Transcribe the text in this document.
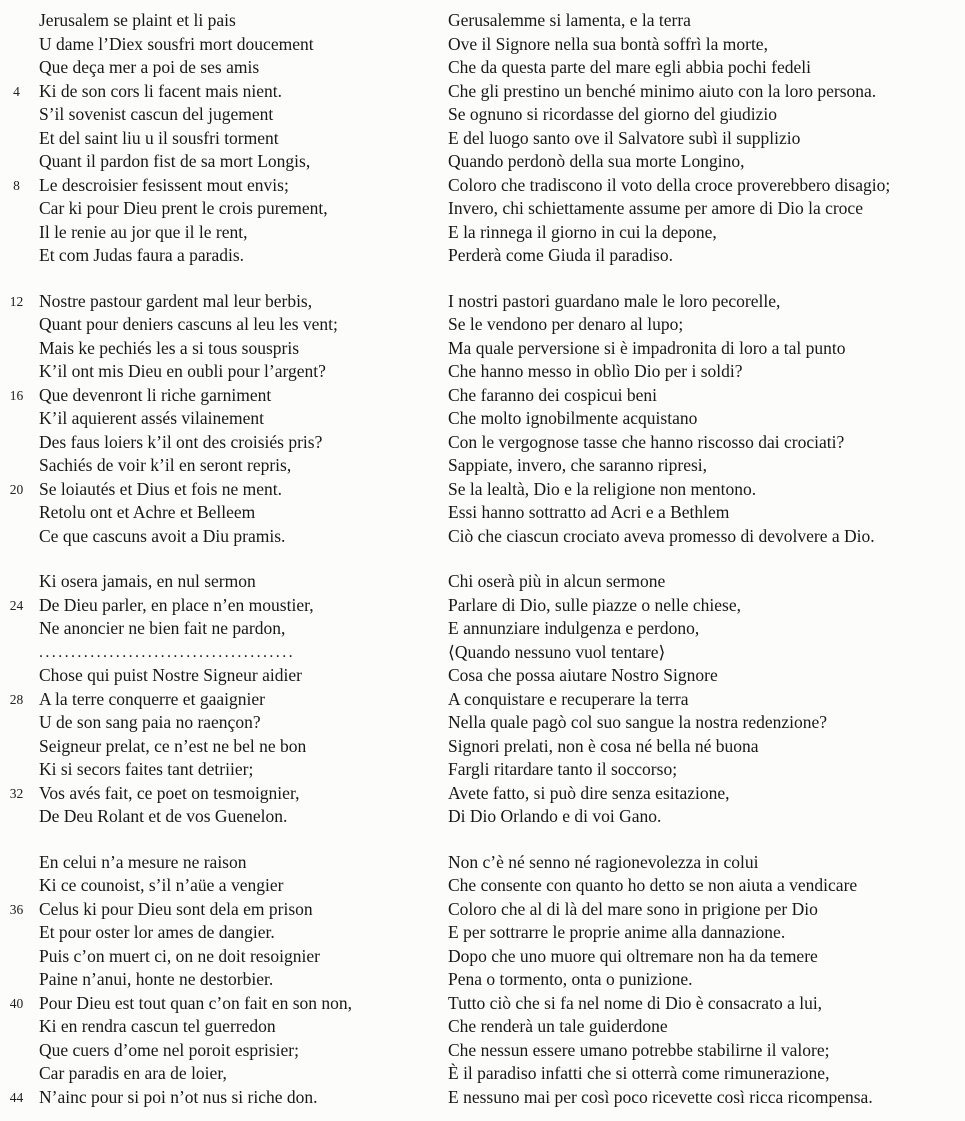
Jerusalem se plaint et li pais	Gerusalemme si lamenta, e la terra
U dame l’Diex sousfri mort doucement	Ove il Signore nella sua bontà soffrì la morte,
Que deça mer a poi de ses amis	Che da questa parte del mare egli abbia pochi fedeli
4	Ki de son cors li facent mais nient.	Che gli prestino un benché minimo aiuto con la loro persona.
S’il sovenist cascun del jugement	Se ognuno si ricordasse del giorno del giudizio
Et del saint liu u il sousfri torment	E del luogo santo ove il Salvatore subì il supplizio
Quant il pardon fist de sa mort Longis,	Quando perdonò della sua morte Longino,
8	Le descroisier fesissent mout envis;	Coloro che tradiscono il voto della croce proverebbero disagio;
Car ki pour Dieu prent le crois purement,	Invero, chi schiettamente assume per amore di Dio la croce
Il le renie au jor que il le rent,	E la rinnega il giorno in cui la depone,
Et com Judas faura a paradis.	Perderà come Giuda il paradiso.
12 Nostre pastour gardent mal leur berbis,	I nostri pastori guardano male le loro pecorelle,
Quant pour deniers cascuns al leu les vent;	Se le vendono per denaro al lupo;
Mais ke pechiés les a si tous souspris	Ma quale perversione si è impadronita di loro a tal punto
K’il ont mis Dieu en oubli pour l’argent?	Che hanno messo in oblìo Dio per i soldi?
16 Que devenront li riche garniment	Che faranno dei cospicui beni
K’il aquierent assés vilainement	Che molto ignobilmente acquistano
Des faus loiers k’il ont des croisiés pris?	Con le vergognose tasse che hanno riscosso dai crociati?
Sachiés de voir k’il en seront repris,	Sappiate, invero, che saranno ripresi,
20 Se loiautés et Dius et fois ne ment.	Se la lealtà, Dio e la religione non mentono.
Retolu ont et Achre et Belleem	Essi hanno sottratto ad Acri e a Bethlem
Ce que cascuns avoit a Diu pramis.	Ciò che ciascun crociato aveva promesso di devolvere a Dio.
Ki osera jamais, en nul sermon	Chi oserà più in alcun sermone
24 De Dieu parler, en place n’en moustier,	Parlare di Dio, sulle piazze o nelle chiese,
Ne anoncier ne bien fait ne pardon,	E annunziare indulgenza e perdono,
........................................	⟨Quando nessuno vuol tentare⟩
Chose qui puist Nostre Signeur aidier	Cosa che possa aiutare Nostro Signore
28 A la terre conquerre et gaaignier	A conquistare e recuperare la terra
U de son sang paia no raençon?	Nella quale pagò col suo sangue la nostra redenzione?
Seigneur prelat, ce n’est ne bel ne bon	Signori prelati, non è cosa né bella né buona
Ki si secors faites tant detriier;	Fargli ritardare tanto il soccorso;
32 Vos avés fait, ce poet on tesmoignier,	Avete fatto, si può dire senza esitazione,
De Deu Rolant et de vos Guenelon.	Di Dio Orlando e di voi Gano.
En celui n’a mesure ne raison	Non c’è né senno né ragionevolezza in colui
Ki ce counoist, s’il n’aüe a vengier	Che consente con quanto ho detto se non aiuta a vendicare
36 Celus ki pour Dieu sont dela em prison	Coloro che al di là del mare sono in prigione per Dio
Et pour oster lor ames de dangier.	E per sottrarre le proprie anime alla dannazione.
Puis c’on muert ci, on ne doit resoignier	Dopo che uno muore qui oltremare non ha da temere
Paine n’anui, honte ne destorbier.	Pena o tormento, onta o punizione.
40 Pour Dieu est tout quan c’on fait en son non,	Tutto ciò che si fa nel nome di Dio è consacrato a lui,
Ki en rendra cascun tel guerredon	Che renderà un tale guiderdone
Que cuers d’ome nel poroit esprisier;	Che nessun essere umano potrebbe stabilirne il valore;
Car paradis en ara de loier,	È il paradiso infatti che si otterrà come rimunerazione,
44 N’ainc pour si poi n’ot nus si riche don.	E nessuno mai per così poco ricevette così ricca ricompensa.
